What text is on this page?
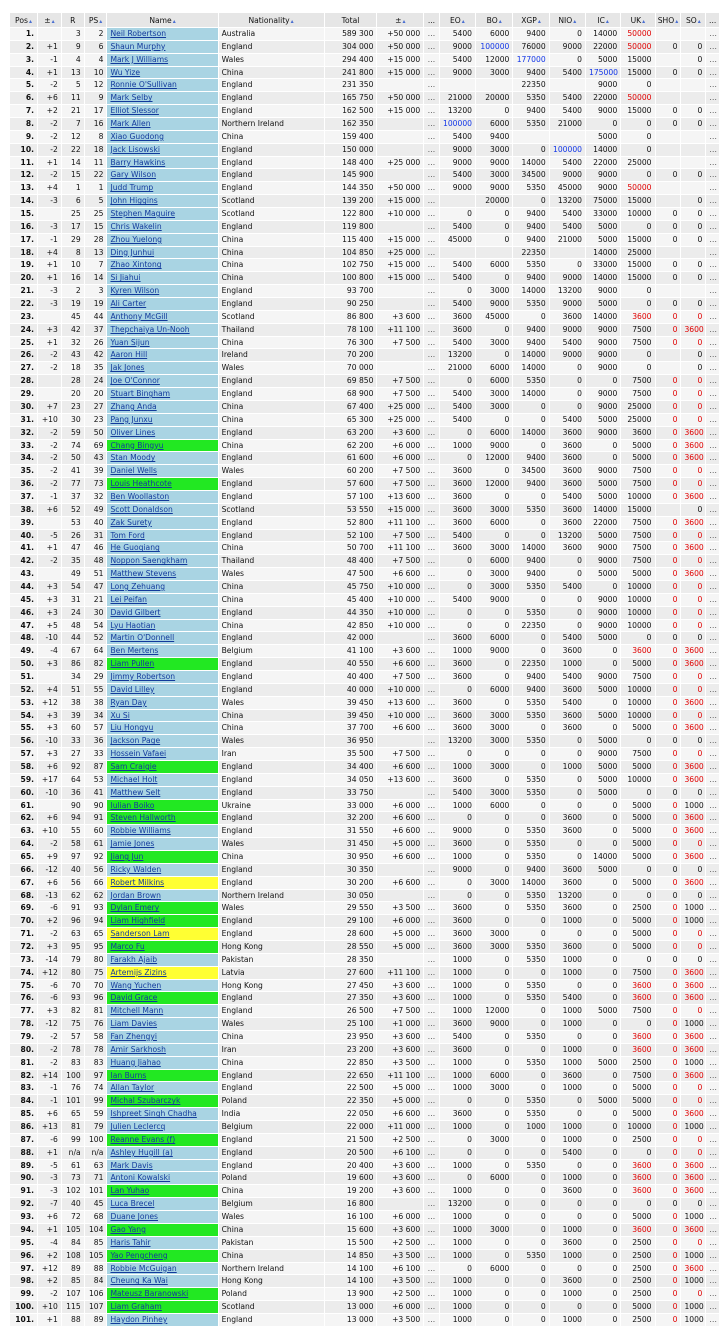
Pos▴	±▴	R	PS▴	Name▴	Nationality▴	Total	±▴	...	EO▴	BO▴	XGP▴	NIO▴	IC▴	UK▴	SHO▴	SO▴	...
1.		3	2	Neil Robertson	Australia	589 300	+50 000	…	5400	6000	9400	0	14000	50000			…
2.	+1	9	6	Shaun Murphy	England	304 000	+50 000	…	9000	100000	76000	9000	22000	50000	0	0	…
3.	-1	4	4	Mark J Williams	Wales	294 400	+15 000	…	5400	12000	177000	0	5000	15000		0	…
4.	+1	13	10	Wu Yize	China	241 800	+15 000	…	9000	3000	9400	5400	175000	15000	0	0	…
5.	-2	5	12	Ronnie O'Sullivan	England	231 350		…			22350		9000	0			…
6.	+6	11	9	Mark Selby	England	165 750	+50 000	…	21000	20000	5350	5400	22000	50000			…
7.	+2	21	17	Elliot Slessor	England	162 500	+15 000	…	13200	0	9400	5400	9000	15000	0	0	…
8.	-2	7	16	Mark Allen	Northern Ireland	162 350		…	100000	6000	5350	21000	0	0	0	0	…
9.	-2	12	8	Xiao Guodong	China	159 400		…	5400	9400			5000	0			…
10.	-2	22	18	Jack Lisowski	England	150 000		…	9000	3000	0	100000	14000	0			…
11.	+1	14	11	Barry Hawkins	England	148 400	+25 000	…	9000	9000	14000	5400	22000	25000			…
12.	-2	15	22	Gary Wilson	England	145 900		…	5400	3000	34500	9000	9000	0	0	0	…
13.	+4	1	1	Judd Trump	England	144 350	+50 000	…	9000	9000	5350	45000	9000	50000			…
14.	-3	6	5	John Higgins	Scotland	139 200	+15 000	…		20000	0	13200	75000	15000		0	…
15.		25	25	Stephen Maguire	Scotland	122 800	+10 000	…	0	0	9400	5400	33000	10000	0	0	…
16.	-3	17	15	Chris Wakelin	England	119 800		…	5400	0	9400	5400	5000	0	0	0	…
17.	-1	29	28	Zhou Yuelong	China	115 400	+15 000	…	45000	0	9400	21000	5000	15000	0	0	…
18.	+4	8	13	Ding Junhui	China	104 850	+25 000	…			22350		14000	25000			…
19.	+1	10	7	Zhao Xintong	China	102 750	+15 000	…	5400	6000	5350	0	33000	15000	0	0	…
20.	+1	16	14	Si Jiahui	China	100 800	+15 000	…	5400	0	9400	9000	14000	15000	0	0	…
21.	-3	2	3	Kyren Wilson	England	93 700		…	0	3000	14000	13200	9000	0			…
22.	-3	19	19	Ali Carter	England	90 250		…	5400	9000	5350	9000	5000	0	0	0	…
23.		45	44	Anthony McGill	Scotland	86 800	+3 600	…	3600	45000	0	3600	14000	3600	0	0	…
24.	+3	42	37	Thepchaiya Un-Nooh	Thailand	78 100	+11 100	…	3600	0	9400	9000	9000	7500	0	3600	…
25.	+1	32	26	Yuan Sijun	China	76 300	+7 500	…	5400	3000	9400	5400	9000	7500	0	0	…
26.	-2	43	42	Aaron Hill	Ireland	70 200		…	13200	0	14000	9000	9000	0		0	…
27.	-2	18	35	Jak Jones	Wales	70 000		…	21000	6000	14000	0	9000	0		0	…
28.		28	24	Joe O'Connor	England	69 850	+7 500	…	0	6000	5350	0	0	7500	0	0	…
29.		20	20	Stuart Bingham	England	68 900	+7 500	…	5400	3000	14000	0	9000	7500	0	0	…
30.	+7	23	27	Zhang Anda	China	67 400	+25 000	…	5400	3000	0	0	9000	25000	0	0	…
31.	+10	30	23	Pang Junxu	China	65 300	+25 000	…	5400	0	0	5400	5000	25000	0	0	…
32.	-2	59	50	Oliver Lines	England	63 200	+3 600	…	0	6000	14000	3600	9000	3600	0	3600	…
33.	-2	74	69	Chang Bingyu	China	62 200	+6 000	…	1000	9000	0	3600	0	5000	0	3600	…
34.	-2	50	43	Stan Moody	England	61 600	+6 000	…	0	12000	9400	3600	0	5000	0	3600	…
35.	-2	41	39	Daniel Wells	Wales	60 200	+7 500	…	3600	0	34500	3600	9000	7500	0	0	…
36.	-2	77	73	Louis Heathcote	England	57 600	+7 500	…	3600	12000	9400	3600	5000	7500	0	0	…
37.	-1	37	32	Ben Woollaston	England	57 100	+13 600	…	3600	0	0	5400	5000	10000	0	3600	…
38.	+6	52	49	Scott Donaldson	Scotland	53 550	+15 000	…	3600	3000	5350	3600	14000	15000		0	…
39.		53	40	Zak Surety	England	52 800	+11 100	…	3600	6000	0	3600	22000	7500	0	3600	…
40.	-5	26	31	Tom Ford	England	52 100	+7 500	…	5400	0	0	13200	5000	7500	0	0	…
41.	+1	47	46	He Guoqiang	China	50 700	+11 100	…	3600	3000	14000	3600	9000	7500	0	3600	…
42.	-2	35	48	Noppon Saengkham	Thailand	48 400	+7 500	…	0	6000	9400	0	9000	7500	0	0	…
43.		49	51	Matthew Stevens	Wales	47 500	+6 600	…	0	3000	9400	0	5000	5000	0	3600	…
44.	+3	54	47	Long Zehuang	China	45 750	+10 000	…	0	3000	5350	5400	0	10000	0	0	…
45.	+3	31	21	Lei Peifan	China	45 400	+10 000	…	5400	9000	0	0	9000	10000	0	0	…
46.	+3	24	30	David Gilbert	England	44 350	+10 000	…	0	0	5350	0	9000	10000	0	0	…
47.	+5	48	54	Lyu Haotian	China	42 850	+10 000	…	0	0	22350	0	9000	10000	0	0	…
48.	-10	44	52	Martin O'Donnell	England	42 000		…	3600	6000	0	5400	5000	0	0	0	…
49.	-4	67	64	Ben Mertens	Belgium	41 100	+3 600	…	1000	9000	0	3600	0	3600	0	3600	…
50.	+3	86	82	Liam Pullen	England	40 550	+6 600	…	3600	0	22350	1000	0	5000	0	3600	…
51.		34	29	Jimmy Robertson	England	40 400	+7 500	…	3600	0	9400	5400	9000	7500	0	0	…
52.	+4	51	55	David Lilley	England	40 000	+10 000	…	0	6000	9400	3600	5000	10000	0	0	…
53.	+12	38	38	Ryan Day	Wales	39 450	+13 600	…	3600	0	5350	5400	0	10000	0	3600	…
54.	+3	39	34	Xu Si	China	39 450	+10 000	…	3600	3000	5350	3600	5000	10000	0	0	…
55.	+3	60	57	Liu Hongyu	China	37 700	+6 600	…	3600	3000	0	3600	0	5000	0	3600	…
56.	-10	33	36	Jackson Page	Wales	36 950		…	13200	3000	5350	0	5000	0	0	0	…
57.	+3	27	33	Hossein Vafaei	Iran	35 500	+7 500	…	0	0	0	0	9000	7500	0	0	…
58.	+6	92	87	Sam Craigie	England	34 400	+6 600	…	1000	3000	0	1000	5000	5000	0	3600	…
59.	+17	64	53	Michael Holt	England	34 050	+13 600	…	3600	0	5350	0	5000	10000	0	3600	…
60.	-10	36	41	Matthew Selt	England	33 750		…	5400	3000	5350	0	5000	0	0	0	…
61.		90	90	Iulian Boiko	Ukraine	33 000	+6 000	…	1000	6000	0	0	0	5000	0	1000	…
62.	+6	94	91	Steven Hallworth	England	32 200	+6 600	…	0	0	0	3600	0	5000	0	3600	…
63.	+10	55	60	Robbie Williams	England	31 550	+6 600	…	9000	0	5350	3600	0	5000	0	3600	…
64.	-2	58	61	Jamie Jones	Wales	31 450	+5 000	…	3600	0	5350	0	0	5000	0	0	…
65.	+9	97	92	Jiang Jun	China	30 950	+6 600	…	1000	0	5350	0	14000	5000	0	3600	…
66.	-12	40	56	Ricky Walden	England	30 350		…	9000	0	9400	3600	5000	0	0	0	…
67.	+6	56	66	Robert Milkins	England	30 200	+6 600	…	0	3000	14000	3600	0	5000	0	3600	…
68.	-13	62	62	Jordan Brown	Northern Ireland	30 050		…	0	0	5350	13200	0	0	0	0	…
69.	-6	91	93	Dylan Emery	Wales	29 550	+3 500	…	3600	0	5350	3600	0	2500	0	1000	…
70.	+2	96	94	Liam Highfield	England	29 100	+6 000	…	3600	0	0	1000	0	5000	0	1000	…
71.	-2	63	65	Sanderson Lam	England	28 600	+5 000	…	3600	3000	0	0	0	5000	0	0	…
72.	+3	95	95	Marco Fu	Hong Kong	28 550	+5 000	…	3600	3000	5350	3600	0	5000	0	0	…
73.	-14	79	80	Farakh Ajaib	Pakistan	28 350		…	1000	0	5350	1000	0	0	0	0	…
74.	+12	80	75	Artemijs Zizins	Latvia	27 600	+11 100	…	1000	0	0	1000	0	7500	0	3600	…
75.	-6	70	70	Wang Yuchen	Hong Kong	27 450	+3 600	…	1000	0	5350	0	0	3600	0	3600	…
76.	-6	93	96	David Grace	England	27 350	+3 600	…	1000	0	5350	5400	0	3600	0	3600	…
77.	+3	82	81	Mitchell Mann	England	26 500	+7 500	…	1000	12000	0	1000	5000	7500	0	0	…
78.	-12	75	76	Liam Davies	Wales	25 100	+1 000	…	3600	9000	0	1000	0	0	0	1000	…
79.	-2	57	58	Fan Zhengyi	China	23 950	+3 600	…	5400	0	5350	0	0	3600	0	3600	…
80.	-2	78	78	Amir Sarkhosh	Iran	23 200	+3 600	…	3600	0	0	1000	0	3600	0	3600	…
81.	-2	83	83	Huang Jiahao	China	22 850	+3 500	…	1000	0	5350	1000	5000	2500	0	1000	…
82.	+14	100	97	Ian Burns	England	22 650	+11 100	…	1000	6000	0	3600	0	7500	0	3600	…
83.	-1	76	74	Allan Taylor	England	22 500	+5 000	…	1000	3000	0	1000	0	5000	0	0	…
84.	-1	101	99	Michal Szubarczyk	Poland	22 350	+5 000	…	0	0	5350	0	5000	5000	0	0	…
85.	+6	65	59	Ishpreet Singh Chadha	India	22 050	+6 600	…	3600	0	5350	0	0	5000	0	3600	…
86.	+13	81	79	Julien Leclercq	Belgium	22 000	+11 000	…	1000	0	1000	1000	0	10000	0	1000	…
87.	-6	99	100	Reanne Evans (f)	England	21 500	+2 500	…	0	3000	0	1000	0	2500	0	0	…
88.	+1	n/a	n/a	Ashley Hugill (a)	England	20 500	+6 100	…	0	0	0	5400	0	0	0	0	…
89.	-5	61	63	Mark Davis	England	20 400	+3 600	…	1000	0	5350	0	0	3600	0	3600	…
90.	-3	73	71	Antoni Kowalski	Poland	19 600	+3 600	…	0	6000	0	1000	0	3600	0	3600	…
91.	-3	102	101	Lan Yuhao	China	19 200	+3 600	…	1000	0	0	3600	0	3600	0	3600	…
92.	-7	40	45	Luca Brecel	Belgium	16 800		…	13200	0	0	0	0	0	0	0	…
93.	+6	72	68	Duane Jones	Wales	16 100	+6 000	…	1000	0	0	0	0	5000	0	1000	…
94.	+1	105	104	Gao Yang	China	15 600	+3 600	…	1000	3000	0	1000	0	3600	0	3600	…
95.	-4	84	85	Haris Tahir	Pakistan	15 500	+2 500	…	1000	0	0	3600	0	2500	0	0	…
96.	+2	108	105	Yao Pengcheng	China	14 850	+3 500	…	1000	0	5350	1000	0	2500	0	1000	…
97.	+12	89	88	Robbie McGuigan	Northern Ireland	14 100	+6 100	…	0	6000	0	0	0	2500	0	3600	…
98.	+2	85	84	Cheung Ka Wai	Hong Kong	14 100	+3 500	…	1000	0	0	3600	0	2500	0	1000	…
99.	-2	107	106	Mateusz Baranowski	Poland	13 900	+2 500	…	1000	0	0	1000	0	2500	0	0	…
100.	+10	115	107	Liam Graham	Scotland	13 000	+6 000	…	1000	0	0	0	0	5000	0	1000	…
101.	+1	88	89	Haydon Pinhey	England	13 000	+3 500	…	1000	0	0	1000	0	2500	0	1000	…
